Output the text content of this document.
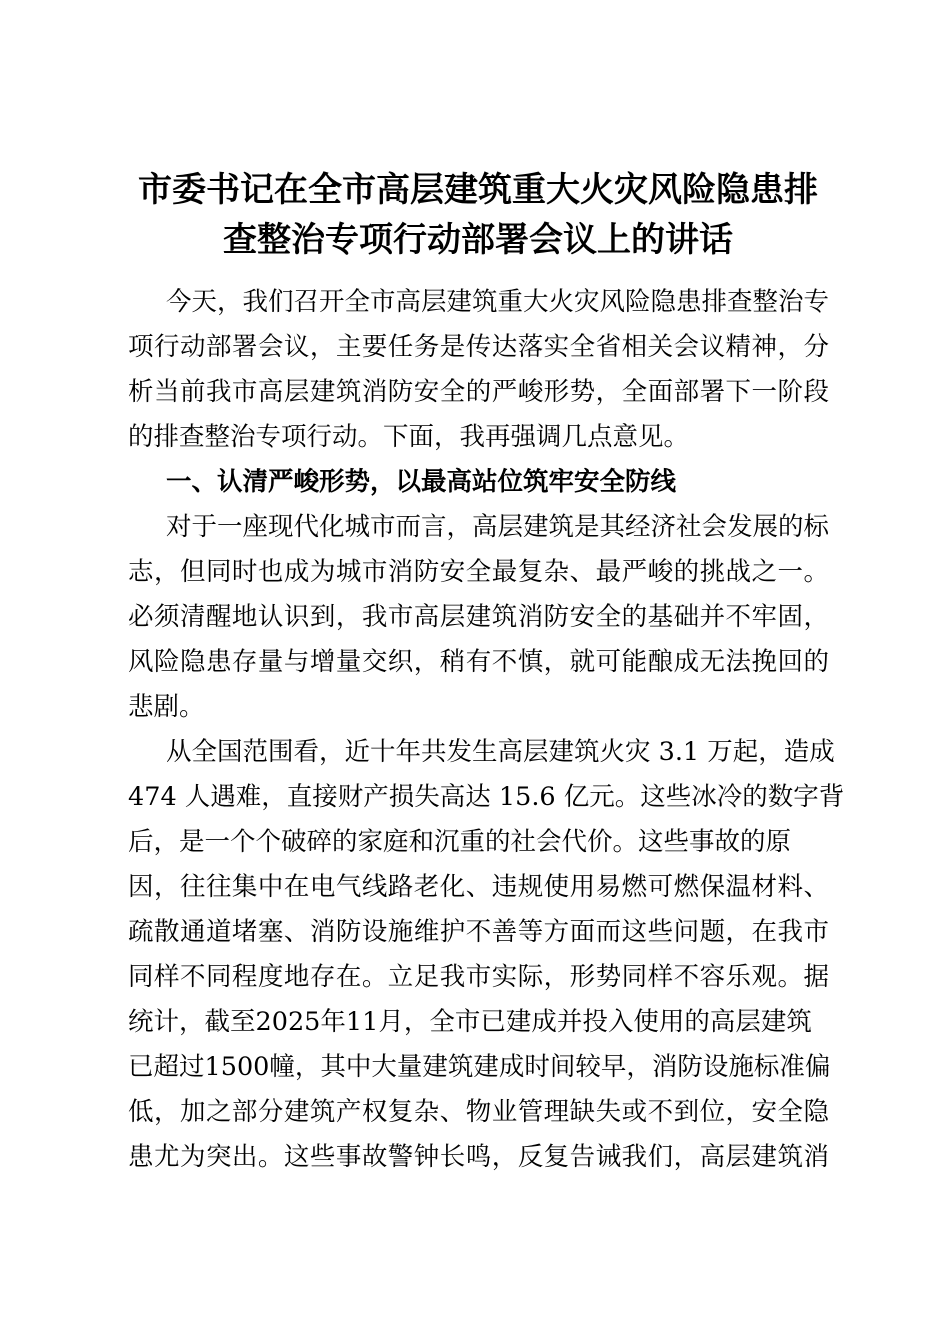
市委书记在全市高层建筑重大火灾风险隐患排
查整治专项行动部署会议上的讲话
今天，我们召开全市高层建筑重大火灾风险隐患排查整治专
项行动部署会议，主要任务是传达落实全省相关会议精神，分
析当前我市高层建筑消防安全的严峻形势，全面部署下一阶段
的排查整治专项行动。下面，我再强调几点意见。
一、认清严峻形势，以最高站位筑牢安全防线
对于一座现代化城市而言，高层建筑是其经济社会发展的标
志，但同时也成为城市消防安全最复杂、最严峻的挑战之一。
必须清醒地认识到，我市高层建筑消防安全的基础并不牢固，
风险隐患存量与增量交织，稍有不慎，就可能酿成无法挽回的
悲剧。
从全国范围看，近十年共发生高层建筑火灾 3.1 万起，造成
474 人遇难，直接财产损失高达 15.6 亿元。这些冰冷的数字背
后，是一个个破碎的家庭和沉重的社会代价。这些事故的原
因，往往集中在电气线路老化、违规使用易燃可燃保温材料、
疏散通道堵塞、消防设施维护不善等方面而这些问题，在我市
同样不同程度地存在。立足我市实际，形势同样不容乐观。据
统计，截至2025年11月，全市已建成并投入使用的高层建筑
已超过1500幢，其中大量建筑建成时间较早，消防设施标准偏
低，加之部分建筑产权复杂、物业管理缺失或不到位，安全隐
患尤为突出。这些事故警钟长鸣，反复告诫我们，高层建筑消
